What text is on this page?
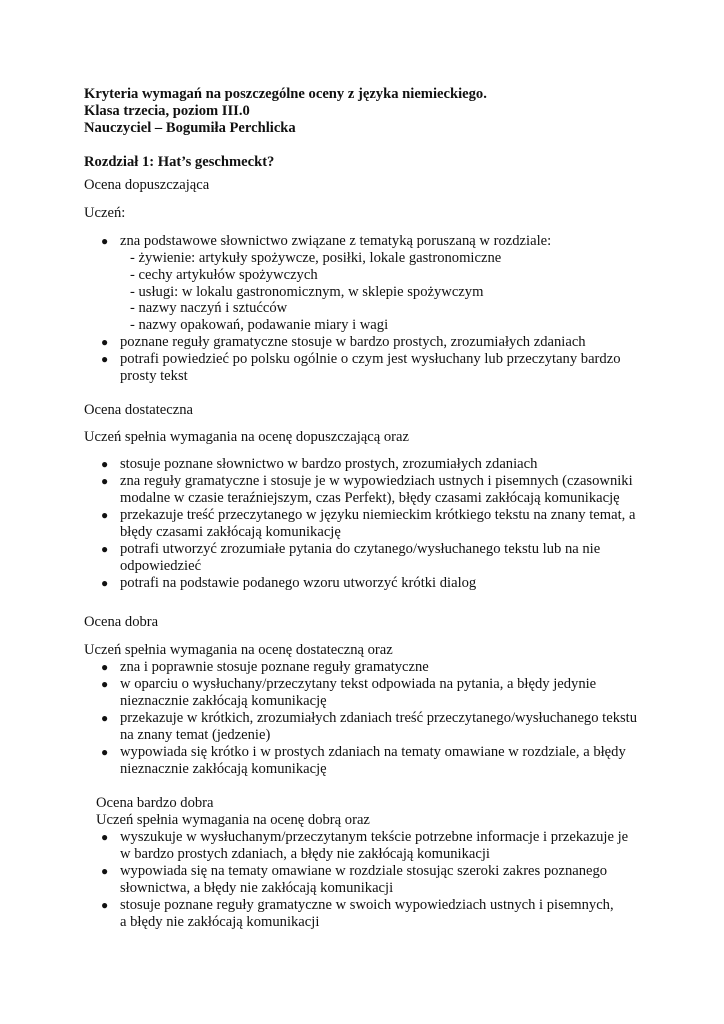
Kryteria wymagań na poszczególne oceny z języka niemieckiego.
Klasa trzecia, poziom III.0
Nauczyciel – Bogumiła Perchlicka
Rozdział 1: Hat’s geschmeckt?
Ocena dopuszczająca
Uczeń:
● zna podstawowe słownictwo związane z tematyką poruszaną w rozdziale:
- żywienie: artykuły spożywcze, posiłki, lokale gastronomiczne
- cechy artykułów spożywczych
- usługi: w lokalu gastronomicznym, w sklepie spożywczym
- nazwy naczyń i sztućców
- nazwy opakowań, podawanie miary i wagi
● poznane reguły gramatyczne stosuje w bardzo prostych, zrozumiałych zdaniach
● potrafi powiedzieć po polsku ogólnie o czym jest wysłuchany lub przeczytany bardzo
prosty tekst
Ocena dostateczna
Uczeń spełnia wymagania na ocenę dopuszczającą oraz
● stosuje poznane słownictwo w bardzo prostych, zrozumiałych zdaniach
● zna reguły gramatyczne i stosuje je w wypowiedziach ustnych i pisemnych (czasowniki
modalne w czasie teraźniejszym, czas Perfekt), błędy czasami zakłócają komunikację
● przekazuje treść przeczytanego w języku niemieckim krótkiego tekstu na znany temat, a
błędy czasami zakłócają komunikację
● potrafi utworzyć zrozumiałe pytania do czytanego/wysłuchanego tekstu lub na nie
odpowiedzieć
● potrafi na podstawie podanego wzoru utworzyć krótki dialog
Ocena dobra
Uczeń spełnia wymagania na ocenę dostateczną oraz
● zna i poprawnie stosuje poznane reguły gramatyczne
● w oparciu o wysłuchany/przeczytany tekst odpowiada na pytania, a błędy jedynie
nieznacznie zakłócają komunikację
● przekazuje w krótkich, zrozumiałych zdaniach treść przeczytanego/wysłuchanego tekstu
na znany temat (jedzenie)
● wypowiada się krótko i w prostych zdaniach na tematy omawiane w rozdziale, a błędy
nieznacznie zakłócają komunikację
Ocena bardzo dobra
Uczeń spełnia wymagania na ocenę dobrą oraz
● wyszukuje w wysłuchanym/przeczytanym tekście potrzebne informacje i przekazuje je
w bardzo prostych zdaniach, a błędy nie zakłócają komunikacji
● wypowiada się na tematy omawiane w rozdziale stosując szeroki zakres poznanego
słownictwa, a błędy nie zakłócają komunikacji
● stosuje poznane reguły gramatyczne w swoich wypowiedziach ustnych i pisemnych,
a błędy nie zakłócają komunikacji
